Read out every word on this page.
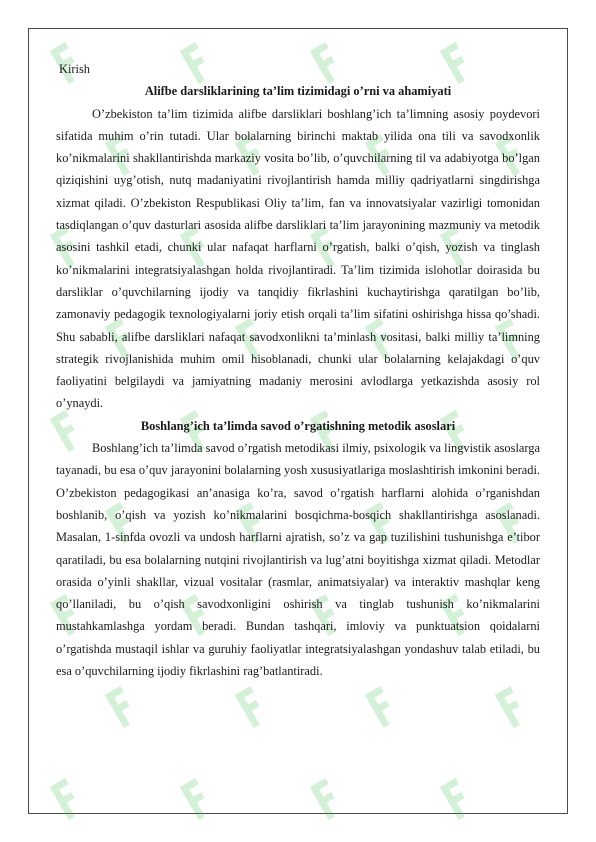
Kirish

Alifbe darsliklarining ta’lim tizimidagi o’rni va ahamiyati

O’zbekiston ta’lim tizimida alifbe darsliklari boshlang’ich ta’limning asosiy poydevori sifatida muhim o’rin tutadi. Ular bolalarning birinchi maktab yilida ona tili va savodxonlik ko’nikmalarini shakllantirishda markaziy vosita bo’lib, o’quvchilarning til va adabiyotga bo’lgan qiziqishini uyg’otish, nutq madaniyatini rivojlantirish hamda milliy qadriyatlarni singdirishga xizmat qiladi. O’zbekiston Respublikasi Oliy ta’lim, fan va innovatsiyalar vazirligi tomonidan tasdiqlangan o’quv dasturlari asosida alifbe darsliklari ta’lim jarayonining mazmuniy va metodik asosini tashkil etadi, chunki ular nafaqat harflarni o’rgatish, balki o’qish, yozish va tinglash ko’nikmalarini integratsiyalashgan holda rivojlantiradi. Ta’lim tizimida islohotlar doirasida bu darsliklar o’quvchilarning ijodiy va tanqidiy fikrlashini kuchaytirishga qaratilgan bo’lib, zamonaviy pedagogik texnologiyalarni joriy etish orqali ta’lim sifatini oshirishga hissa qo’shadi. Shu sababli, alifbe darsliklari nafaqat savodxonlikni ta’minlash vositasi, balki milliy ta’limning strategik rivojlanishida muhim omil hisoblanadi, chunki ular bolalarning kelajakdagi o’quv faoliyatini belgilaydi va jamiyatning madaniy merosini avlodlarga yetkazishda asosiy rol o’ynaydi.

Boshlang’ich ta’limda savod o’rgatishning metodik asoslari

Boshlang’ich ta’limda savod o’rgatish metodikasi ilmiy, psixologik va lingvistik asoslarga tayanadi, bu esa o’quv jarayonini bolalarning yosh xususiyatlariga moslashtirish imkonini beradi. O’zbekiston pedagogikasi an’anasiga ko’ra, savod o’rgatish harflarni alohida o’rganishdan boshlanib, o’qish va yozish ko’nikmalarini bosqichma-bosqich shakllantirishga asoslanadi. Masalan, 1-sinfda ovozli va undosh harflarni ajratish, so’z va gap tuzilishini tushunishga e’tibor qaratiladi, bu esa bolalarning nutqini rivojlantirish va lug’atni boyitishga xizmat qiladi. Metodlar orasida o’yinli shakllar, vizual vositalar (rasmlar, animatsiyalar) va interaktiv mashqlar keng qo’llaniladi, bu o’qish savodxonligini oshirish va tinglab tushunish ko’nikmalarini mustahkamlashga yordam beradi. Bundan tashqari, imloviy va punktuatsion qoidalarni o’rgatishda mustaqil ishlar va guruhiy faoliyatlar integratsiyalashgan yondashuv talab etiladi, bu esa o’quvchilarning ijodiy fikrlashini rag’batlantiradi.
